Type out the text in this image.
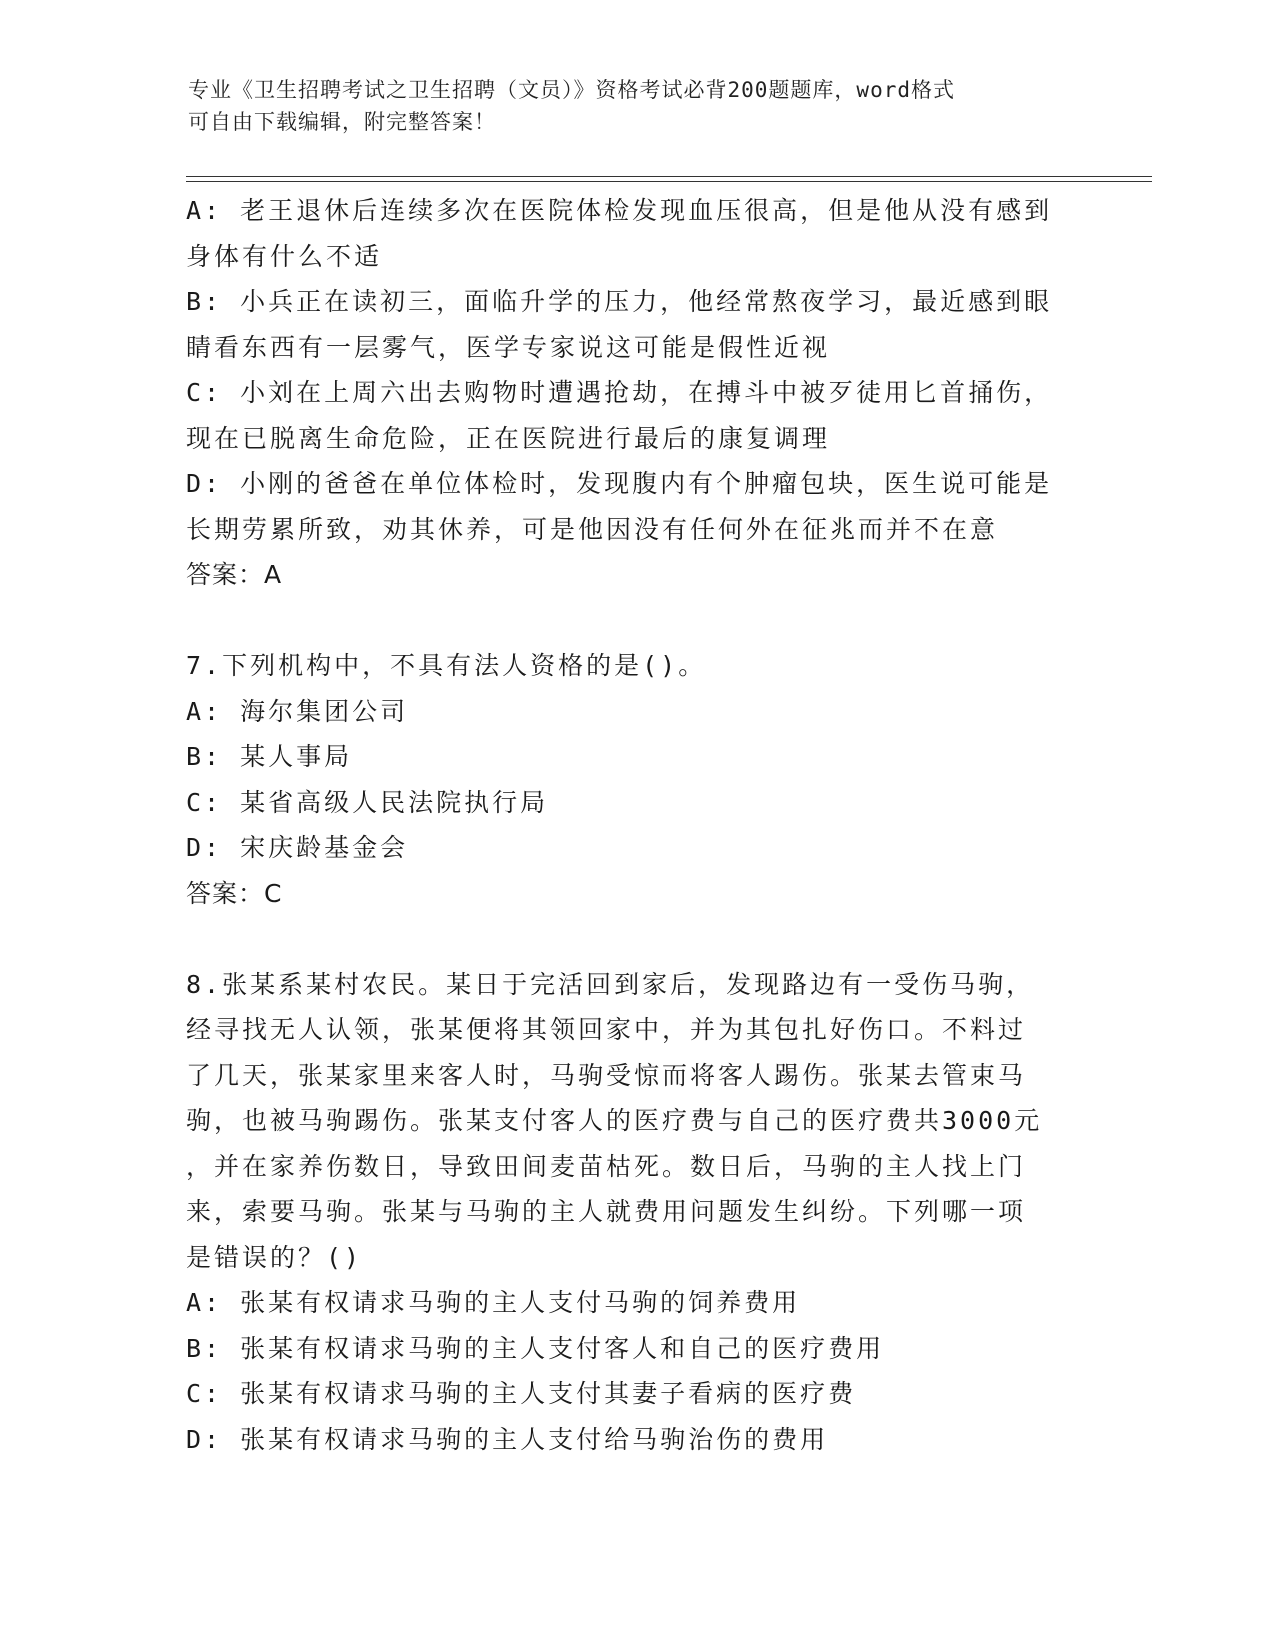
专业《卫生招聘考试之卫生招聘（文员）》资格考试必背200题题库，word格式
可自由下载编辑，附完整答案！
A: 老王退休后连续多次在医院体检发现血压很高，但是他从没有感到
身体有什么不适
B: 小兵正在读初三，面临升学的压力，他经常熬夜学习，最近感到眼
睛看东西有一层雾气，医学专家说这可能是假性近视
C: 小刘在上周六出去购物时遭遇抢劫，在搏斗中被歹徒用匕首捅伤，
现在已脱离生命危险，正在医院进行最后的康复调理
D: 小刚的爸爸在单位体检时，发现腹内有个肿瘤包块，医生说可能是
长期劳累所致，劝其休养，可是他因没有任何外在征兆而并不在意
答案：A
7.下列机构中，不具有法人资格的是()。
A: 海尔集团公司
B: 某人事局
C: 某省高级人民法院执行局
D: 宋庆龄基金会
答案：C
8.张某系某村农民。某日于完活回到家后，发现路边有一受伤马驹，
经寻找无人认领，张某便将其领回家中，并为其包扎好伤口。不料过
了几天，张某家里来客人时，马驹受惊而将客人踢伤。张某去管束马
驹，也被马驹踢伤。张某支付客人的医疗费与自己的医疗费共3000元
，并在家养伤数日，导致田间麦苗枯死。数日后，马驹的主人找上门
来，索要马驹。张某与马驹的主人就费用问题发生纠纷。下列哪一项
是错误的？()
A: 张某有权请求马驹的主人支付马驹的饲养费用
B: 张某有权请求马驹的主人支付客人和自己的医疗费用
C: 张某有权请求马驹的主人支付其妻子看病的医疗费
D: 张某有权请求马驹的主人支付给马驹治伤的费用
